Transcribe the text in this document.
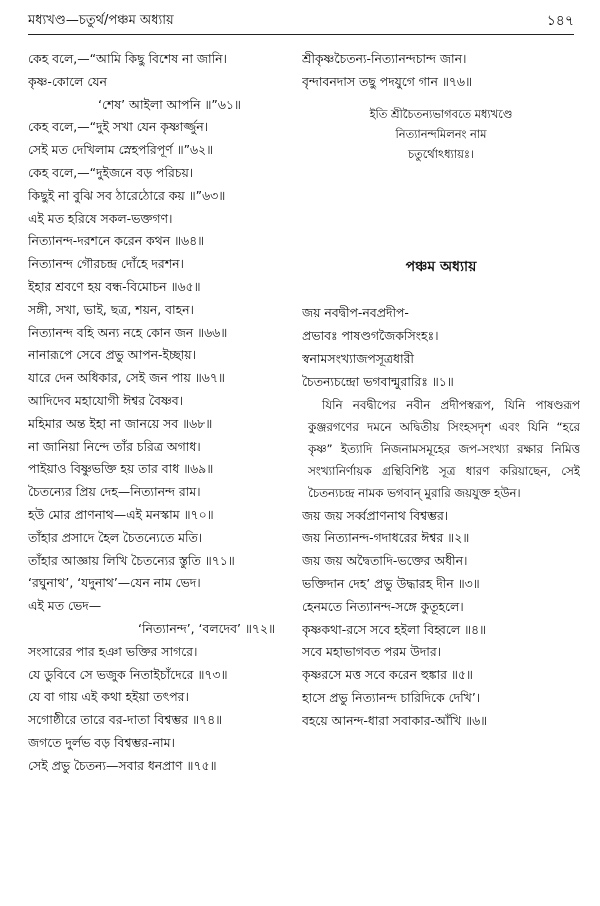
মধ্যখণ্ড—চতুর্থ/পঞ্চম অধ্যায়	১৪৭
কেহ বলে,—“আমি কিছু বিশেষ না জানি।
কৃষ্ণ-কোলে যেন
‘শেষ’ আইলা আপনি ॥”৬১॥
কেহ বলে,—“দুই সখা যেন কৃষ্ণার্জ্জুন।
সেই মত দেখিলাম স্নেহপরিপূর্ণ ॥”৬২॥
কেহ বলে,—“দুইজনে বড় পরিচয়।
কিছুই না বুঝি সব ঠারেঠোরে কয় ॥”৬৩॥
এই মত হরিষে সকল-ভক্তগণ।
নিত্যানন্দ-দরশনে করেন কথন ॥৬৪॥
নিত্যানন্দ গৌরচন্দ্র দোঁহে দরশন।
ইহার শ্রবণে হয় বন্ধ-বিমোচন ॥৬৫॥
সঙ্গী, সখা, ভাই, ছত্র, শয়ন, বাহন।
নিত্যানন্দ বহি অন্য নহে কোন জন ॥৬৬॥
নানারূপে সেবে প্রভু আপন-ইচ্ছায়।
যারে দেন অধিকার, সেই জন পায় ॥৬৭॥
আদিদেব মহাযোগী ঈশ্বর বৈষ্ণব।
মহিমার অন্ত ইহা না জানয়ে সব ॥৬৮॥
না জানিয়া নিন্দে তাঁর চরিত্র অগাধ।
পাইয়াও বিষ্ণুভক্তি হয় তার বাধ ॥৬৯॥
চৈতন্যের প্রিয় দেহ—নিত্যানন্দ রাম।
হউ মোর প্রাণনাথ—এই মনস্কাম ॥৭০॥
তাঁহার প্রসাদে হৈল চৈতন্যেতে মতি।
তাঁহার আজ্ঞায় লিখি চৈতন্যের স্তুতি ॥৭১॥
‘রঘুনাথ’, ‘যদুনাথ’—যেন নাম ভেদ।
এই মত ভেদ—
‘নিত্যানন্দ’, ‘বলদেব’ ॥৭২॥
সংসারের পার হঞা ভক্তির সাগরে।
যে ডুবিবে সে ভজুক নিতাইচাঁদেরে ॥৭৩॥
যে বা গায় এই কথা হইয়া তৎপর।
সগোষ্ঠীরে তারে বর-দাতা বিশ্বম্ভর ॥৭৪॥
জগতে দুর্লভ বড় বিশ্বম্ভর-নাম।
সেই প্রভু চৈতন্য—সবার ধনপ্রাণ ॥৭৫॥
শ্রীকৃষ্ণচৈতন্য-নিত্যানন্দচান্দ জান।
বৃন্দাবনদাস তছু পদযুগে গান ॥৭৬॥
ইতি শ্রীচৈতন্যভাগবতে মধ্যখণ্ডে
নিত্যানন্দমিলনং নাম
চতুর্থোঽধ্যায়ঃ।
পঞ্চম অধ্যায়
জয় নবদ্বীপ-নবপ্রদীপ-
প্রভাবঃ পাষণ্ডগজৈকসিংহঃ।
স্বনামসংখ্যাজপসূত্রধারী
চৈতন্যচন্দ্রো ভগবান্মুরারিঃ ॥১॥
যিনি নবদ্বীপের নবীন প্রদীপস্বরূপ, যিনি পাষণ্ডরূপ কুঞ্জরগণের দমনে অদ্বিতীয় সিংহসদৃশ এবং যিনি “হরে কৃষ্ণ” ইত্যাদি নিজনামসমূহের জপ-সংখ্যা রক্ষার নিমিত্ত সংখ্যানির্ণায়ক গ্রন্থিবিশিষ্ট সূত্র ধারণ করিয়াছেন, সেই চৈতন্যচন্দ্র নামক ভগবান্ মুরারি জয়যুক্ত হউন।
জয় জয় সর্ব্বপ্রাণনাথ বিশ্বম্ভর।
জয় নিত্যানন্দ-গদাধরের ঈশ্বর ॥২॥
জয় জয় অদ্বৈতাদি-ভক্তের অধীন।
ভক্তিদান দেহ’ প্রভু উদ্ধারহ দীন ॥৩॥
হেনমতে নিত্যানন্দ-সঙ্গে কুতূহলে।
কৃষ্ণকথা-রসে সবে হইলা বিহ্বলে ॥৪॥
সবে মহাভাগবত পরম উদার।
কৃষ্ণরসে মত্ত সবে করেন হুঙ্কার ॥৫॥
হাসে প্রভু নিত্যানন্দ চারিদিকে দেখি’।
বহয়ে আনন্দ-ধারা সবাকার-আঁখি ॥৬॥
